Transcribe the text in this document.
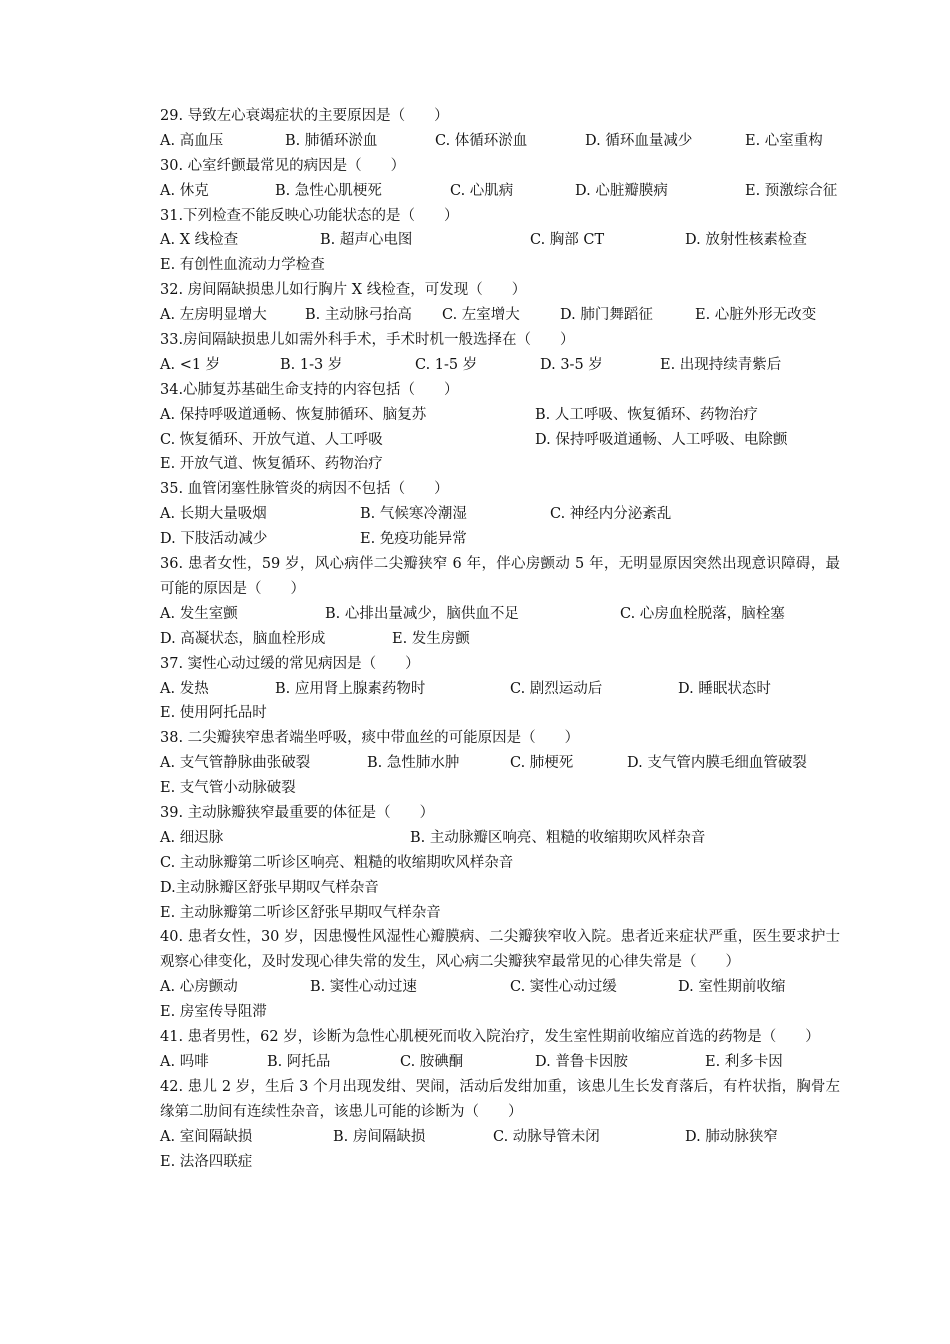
29. 导致左心衰竭症状的主要原因是（　　）
A. 高血压	B. 肺循环淤血	C. 体循环淤血	D. 循环血量减少	E. 心室重构
30. 心室纤颤最常见的病因是（　　）
A. 休克	B. 急性心肌梗死	C. 心肌病	D. 心脏瓣膜病	E. 预激综合征
31.下列检查不能反映心功能状态的是（　　）
A. X 线检查	B. 超声心电图	C. 胸部 CT	D. 放射性核素检查
E. 有创性血流动力学检查
32. 房间隔缺损患儿如行胸片 X 线检查，可发现（　　）
A. 左房明显增大	B. 主动脉弓抬高 C. 左室增大	D. 肺门舞蹈征	E. 心脏外形无改变
33.房间隔缺损患儿如需外科手术，手术时机一般选择在（　　）
A. <1 岁	B. 1-3 岁	C. 1-5 岁	D. 3-5 岁	E. 出现持续青紫后
34.心肺复苏基础生命支持的内容包括（　　）
A. 保持呼吸道通畅、恢复肺循环、脑复苏	B. 人工呼吸、恢复循环、药物治疗
C. 恢复循环、开放气道、人工呼吸	D. 保持呼吸道通畅、人工呼吸、电除颤
E. 开放气道、恢复循环、药物治疗
35. 血管闭塞性脉管炎的病因不包括（　　）
A. 长期大量吸烟	B. 气候寒冷潮湿	C. 神经内分泌紊乱
D. 下肢活动减少	E. 免疫功能异常
36. 患者女性，59 岁，风心病伴二尖瓣狭窄 6 年，伴心房颤动 5 年，无明显原因突然出现意识障碍，最可能的原因是（　　）
A. 发生室颤	B. 心排出量减少，脑供血不足	C. 心房血栓脱落，脑栓塞
D. 高凝状态，脑血栓形成	E. 发生房颤
37. 窦性心动过缓的常见病因是（　　）
A. 发热	B. 应用肾上腺素药物时	C. 剧烈运动后	D. 睡眠状态时
E. 使用阿托品时
38. 二尖瓣狭窄患者端坐呼吸，痰中带血丝的可能原因是（　　）
A. 支气管静脉曲张破裂	B. 急性肺水肿	C. 肺梗死	D. 支气管内膜毛细血管破裂
E. 支气管小动脉破裂
39. 主动脉瓣狭窄最重要的体征是（　　）
A. 细迟脉	B. 主动脉瓣区响亮、粗糙的收缩期吹风样杂音
C. 主动脉瓣第二听诊区响亮、粗糙的收缩期吹风样杂音
D.主动脉瓣区舒张早期叹气样杂音
E. 主动脉瓣第二听诊区舒张早期叹气样杂音
40. 患者女性，30 岁，因患慢性风湿性心瓣膜病、二尖瓣狭窄收入院。患者近来症状严重，医生要求护士观察心律变化，及时发现心律失常的发生，风心病二尖瓣狭窄最常见的心律失常是（　　）
A. 心房颤动	B. 窦性心动过速	C. 窦性心动过缓	D. 室性期前收缩
E. 房室传导阻滞
41. 患者男性，62 岁，诊断为急性心肌梗死而收入院治疗，发生室性期前收缩应首选的药物是（　　）
A. 吗啡	B. 阿托品	C. 胺碘酮	D. 普鲁卡因胺	E. 利多卡因
42. 患儿 2 岁，生后 3 个月出现发绀、哭闹，活动后发绀加重，该患儿生长发育落后，有杵状指，胸骨左缘第二肋间有连续性杂音，该患儿可能的诊断为（　　）
A. 室间隔缺损	B. 房间隔缺损	C. 动脉导管未闭	D. 肺动脉狭窄
E. 法洛四联症
